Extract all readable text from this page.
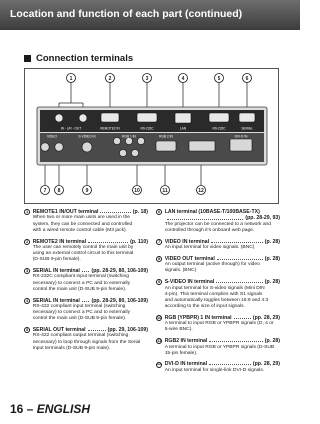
Location and function of each part (continued)
Connection terminals
1	2	3	4	5	6
7 8	9	10	11	12
IN - L/R - OUT	REMOTE2 IN	RS-232C	LAN	RS-232C	SERIAL
VIDEO	S-VIDEO IN	RGB 1 IN	RGB 2 IN	DVI-D IN
1 REMOTE1 IN/OUT terminal	(p. 18)
When two or more main units are used in the
system, they can be connected and controlled
with a wired remote control cable (M3 jack).
2 REMOTE2 IN terminal	(p. 110)
The user can remotely control the main unit by
using an external control circuit to this terminal
(D-SUB 9-pin female).
3 SERIAL IN terminal (pp. 28-29, 80, 106-109)
RS-232C compliant input terminal (switching
necessary) to connect a PC and to externally
control the main unit (D-SUB 9-pin female).
4 SERIAL IN terminal (pp. 28-29, 80, 106-109)
RS-422 compliant input terminal (switching
necessary) to connect a PC and to externally
control the main unit (D-SUB 9-pin female).
5 SERIAL OUT terminal	(pp. 29, 106-109)
RS-422 compliant output terminal (switching
necessary) to loop through signals from the Serial
Input terminals (D-SUB 9-pin male).
6 LAN terminal (10BASE-T/100BASE-TX)
(pp. 28-29, 93)
The projector can be connected to a network and
controlled through it's onboard web page.
7 VIDEO IN terminal	(p. 28)
An input terminal for video signals. (BNC)
8 VIDEO OUT terminal	(p. 28)
An output terminal (active through) for video
signals. (BNC)
9 S-VIDEO IN terminal	(p. 28)
An input terminal for S-video signals (Mini DIN
4-pin). This terminal complies with S1 signals
and automatically toggles between 16:9 and 4:3
according to the size of input signals.
10 RGB (YPBPR) 1 IN terminal	(pp. 28, 29)
A terminal to input RGB or YPBPR signals (D, 4 or
5-wire BNC).
11 RGB2 IN terminal	(p. 28)
A terminal to input RGB or YPBPR signals (D-SUB
15-pin female).
12 DVI-D IN terminal	(pp. 28, 29)
An input terminal for single-link DVI-D signals.
16 – ENGLISH
